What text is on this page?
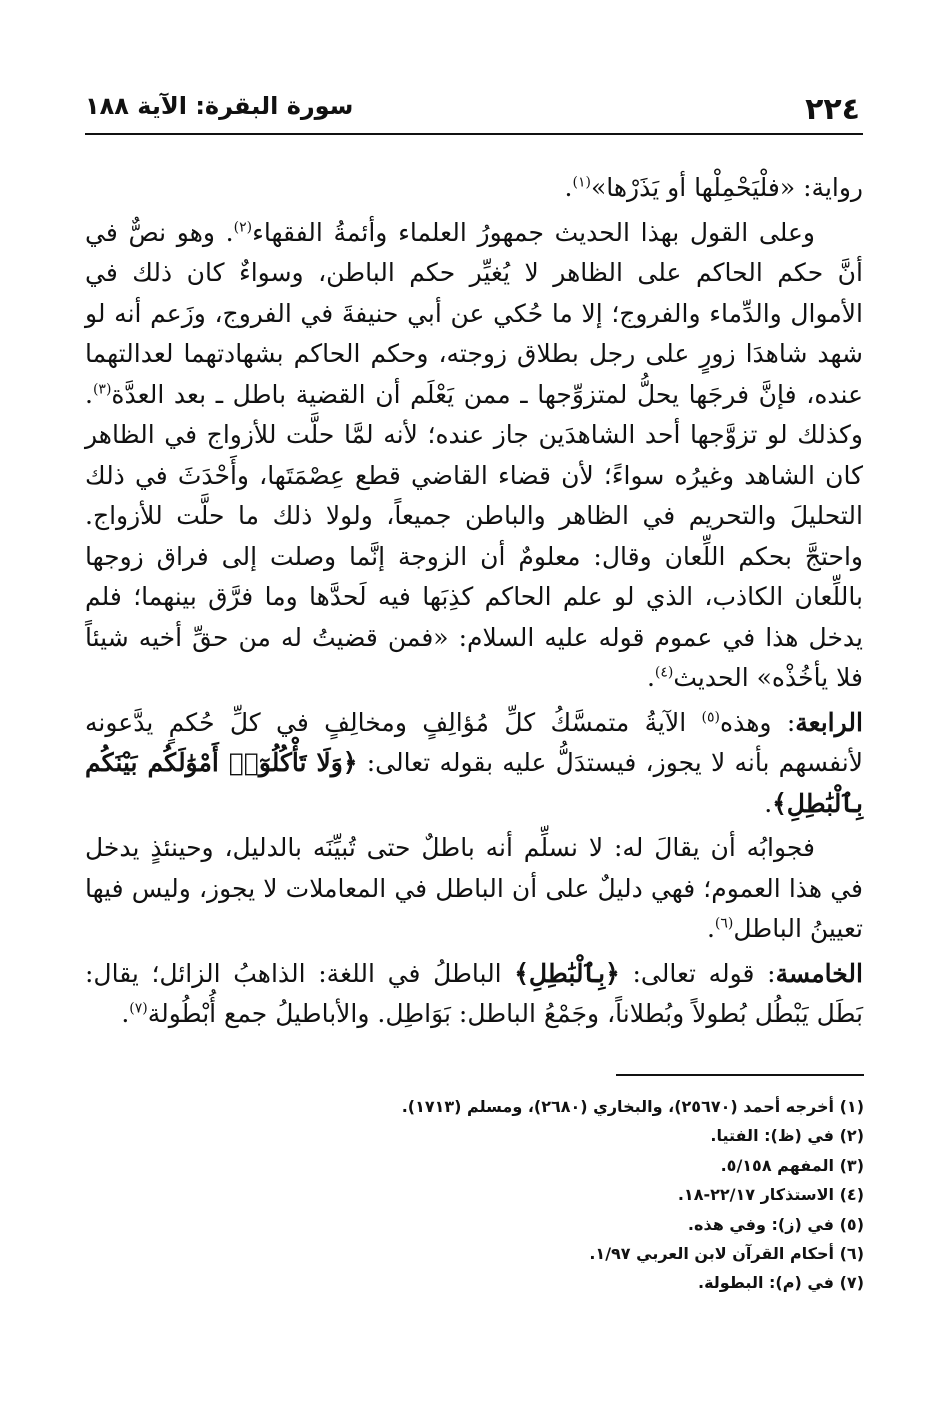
٢٢٤
سورة البقرة: الآية ١٨٨

رواية: «فلْيَحْمِلْها أو يَذَرْها»$^{(١)}$.

وعلى القول بهذا الحديث جمهورُ العلماء وأئمةُ الفقهاء$^{(٢)}$. وهو نصٌّ في أنَّ حكم الحاكم على الظاهر لا يُغيِّر حكم الباطن، وسواءٌ كان ذلك في الأموال والدِّماء والفروج؛ إلا ما حُكي عن أبي حنيفةَ في الفروج، وزَعم أنه لو شهد شاهدَا زورٍ على رجل بطلاق زوجته، وحكم الحاكم بشهادتهما لعدالتهما عنده، فإنَّ فرجَها يحلُّ لمتزوِّجها ـ ممن يَعْلَم أن القضية باطل ـ بعد العدَّة$^{(٣)}$. وكذلك لو تزوَّجها أحد الشاهدَين جاز عنده؛ لأنه لمَّا حلَّت للأزواج في الظاهر كان الشاهد وغيرُه سواءً؛ لأن قضاء القاضي قطع عِصْمَتَها، وأَحْدَثَ في ذلك التحليلَ والتحريم في الظاهر والباطن جميعاً، ولولا ذلك ما حلَّت للأزواج. واحتجَّ بحكم اللِّعان وقال: معلومٌ أن الزوجة إنَّما وصلت إلى فراق زوجها باللِّعان الكاذب، الذي لو علم الحاكم كذِبَها فيه لَحدَّها وما فرَّق بينهما؛ فلم يدخل هذا في عموم قوله عليه السلام: «فمن قضيتُ له من حقِّ أخيه شيئاً فلا يأخُذْه» الحديث$^{(٤)}$.

الرابعة: وهذه$^{(٥)}$ الآيةُ متمسَّكُ كلِّ مُؤالِفٍ ومخالِفٍ في كلِّ حُكمٍ يدَّعونه لأنفسهم بأنه لا يجوز، فيستدَلُّ عليه بقوله تعالى: ﴿وَلَا تَأْكُلُوٓا۟ أَمْوَٰلَكُم بَيْنَكُم بِٱلْبَٰطِلِ﴾.

فجوابُه أن يقالَ له: لا نسلِّم أنه باطلٌ حتى تُبيِّنَه بالدليل، وحينئذٍ يدخل في هذا العموم؛ فهي دليلٌ على أن الباطل في المعاملات لا يجوز، وليس فيها تعيينُ الباطل$^{(٦)}$.

الخامسة: قوله تعالى: ﴿بِٱلْبَٰطِلِ﴾ الباطلُ في اللغة: الذاهبُ الزائل؛ يقال: بَطَل يَبْطُل بُطولاً وبُطلاناً، وجَمْعُ الباطل: بَوَاطِل. والأباطيلُ جمع أُبْطُولة$^{(٧)}$.

(١)أخرجه أحمد (٢٥٦٧٠)، والبخاري (٢٦٨٠)، ومسلم (١٧١٣).
(٢)في (ظ): الفتيا.
(٣)المفهم ٥/١٥٨.
(٤)الاستذكار ٢٢/١٧-١٨.
(٥)في (ز): وفي هذه.
(٦)أحكام القرآن لابن العربي ١/٩٧.
(٧)في (م): البطولة.
